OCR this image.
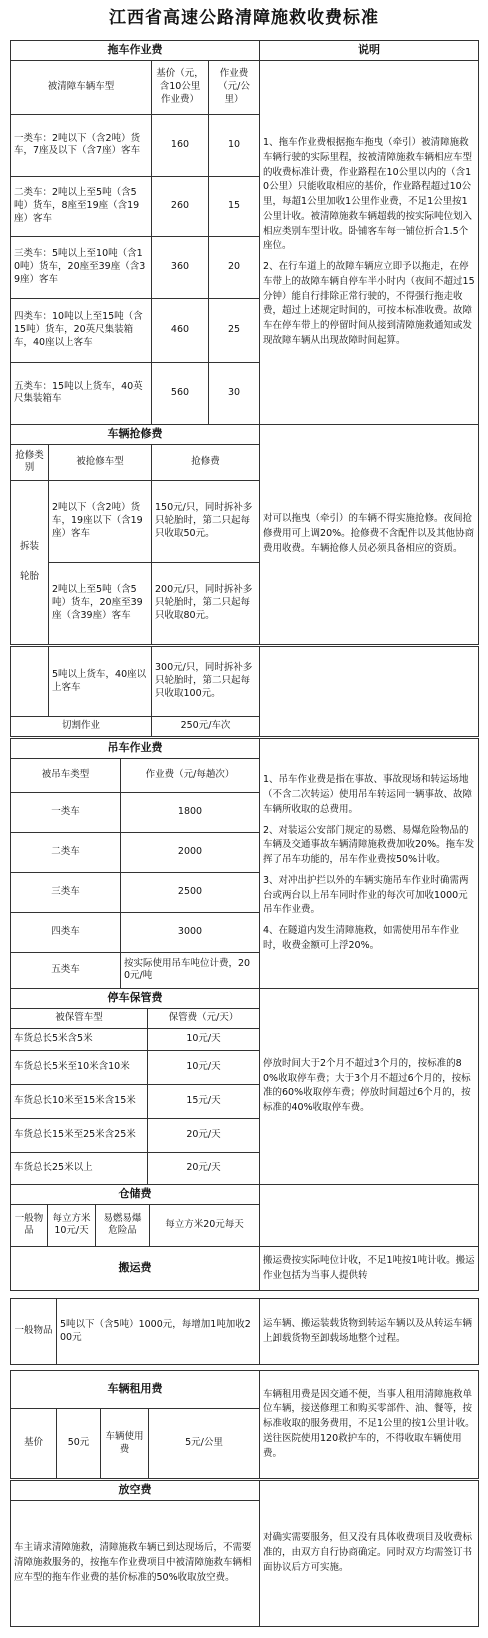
江西省高速公路清障施救收费标准
拖车作业费			说明
被清障车辆车型	基价（元，含10公里作业费）	作业费（元/公里）	1、拖车作业费根据拖车拖曳（牵引）被清障施救车辆行驶的实际里程，按被清障施救车辆相应车型的收费标准计费，作业路程在10公里以内的（含10公里）只能收取相应的基价，作业路程超过10公里，每超1公里加收1公里作业费，不足1公里按1公里计收。被清障施救车辆超载的按实际吨位划入相应类别车型计收。卧铺客车每一铺位折合1.5个座位。
2、在行车道上的故障车辆应立即予以拖走，在停车带上的故障车辆自停车半小时内（夜间不超过15分钟）能自行排除正常行驶的，不得强行拖走收费，超过上述规定时间的，可按本标准收费。故障车在停车带上的停留时间从接到清障施救通知或发现故障车辆从出现故障时间起算。

一类车：2吨以下（含2吨）货车，7座及以下（含7座）客车	160	10	
二类车：2吨以上至5吨（含5吨）货车，8座至19座（含19座）客车	260	15	
三类车：5吨以上至10吨（含10吨）货车，20座至39座（含39座）客车	360	20	
四类车：10吨以上至15吨（含15吨）货车，20英尺集装箱车，40座以上客车	460	25	
五类车：15吨以上货车，40英尺集装箱车	560	30	
车辆抢修费			对可以拖曳（牵引）的车辆不得实施抢修。夜间抢修费用可上调20%。抢修费不含配件以及其他协商费用收费。车辆抢修人员必须具备相应的资质。
抢修类别	被抢修车型	抢修费	

拆装
轮胎	2吨以下（含2吨）货车，19座以下（含19座）客车	150元/只，同时拆补多只轮胎时，第二只起每只收取50元。	
	2吨以上至5吨（含5吨）货车，20座至39座（含39座）客车	200元/只，同时拆补多只轮胎时，第二只起每只收取80元。	
	5吨以上货车，40座以上客车	300元/只，同时拆补多只轮胎时，第二只起每只收取100元。	
切割作业		250元/车次	
吊车作业费		1、吊车作业费是指在事故、事故现场和转运场地（不含二次转运）使用吊车转运同一辆事故、故障车辆所收取的总费用。
2、对装运公安部门规定的易燃、易爆危险物品的车辆及交通事故车辆清障施救费加收20%。拖车发挥了吊车功能的，吊车作业费按50%计收。
3、对冲出护拦以外的车辆实施吊车作业时确需两台或两台以上吊车同时作业的每次可加收1000元吊车作业费。
4、在隧道内发生清障施救，如需使用吊车作业时，收费金额可上浮20%。

被吊车类型	作业费（元/每趟次）	
一类车	1800	
二类车	2000	
三类车	2500	
四类车	3000	
五类车	按实际使用吊车吨位计费，200元/吨	
停车保管费		停放时间大于2个月不超过3个月的，按标准的80%收取停车费；大于3个月不超过6个月的，按标准的60%收取停车费；停放时间超过6个月的，按标准的40%收取停车费。
被保管车型	保管费（元/天）	
车货总长5米含5米	10元/天	
车货总长5米至10米含10米	10元/天	
车货总长10米至15米含15米	15元/天	
车货总长15米至25米含25米	20元/天	
车货总长25米以上	20元/天	
仓储费				
一般物品	每立方米10元/天	易燃易爆危险品	每立方米20元每天	
搬运费	搬运费按实际吨位计收，不足1吨按1吨计收。搬运作业包括为当事人提供转
一般物品	5吨以下（含5吨）1000元，每增加1吨加收200元	运车辆、搬运装载货物到转运车辆以及从转运车辆上卸载货物至卸载场地整个过程。
车辆租用费				车辆租用费是因交通不便，当事人租用清障施救单位车辆，接送修理工和购买零部件、油、餐等，按标准收取的服务费用，不足1公里的按1公里计收。送往医院使用120救护车的，不得收取车辆使用费。
基价	50元	车辆使用费	5元/公里	
放空费	对确实需要服务，但又没有具体收费项目及收费标准的，由双方自行协商确定。同时双方均需签订书面协议后方可实施。
车主请求清障施救，清障施救车辆已到达现场后，不需要清障施救服务的，按拖车作业费项目中被清障施救车辆相应车型的拖车作业费的基价标准的50%收取放空费。
